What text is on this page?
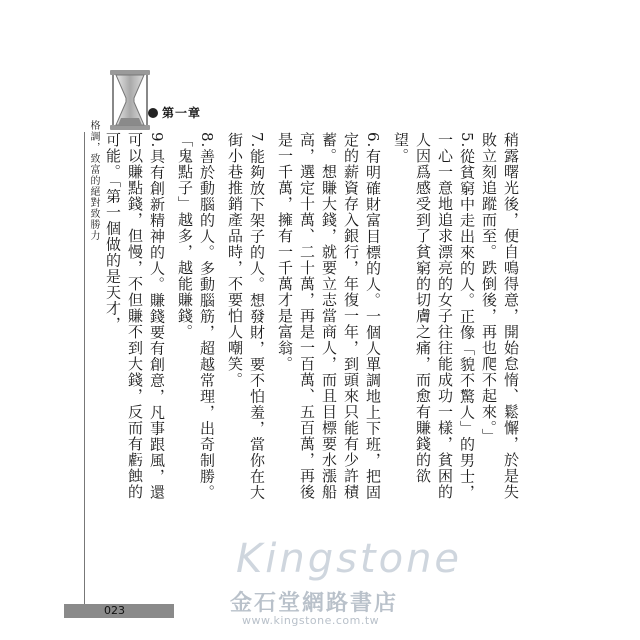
第一章
格調，致富的絕對致勝力	稍露曙光後，便自鳴得意，開始怠惰、鬆懈，於是失敗立刻追蹤而至。跌倒後，再也爬不起來。」

5.從貧窮中走出來的人。正像「貌不驚人」的男士，一心一意地追求漂亮的女子往往能成功一樣，貧困的人因爲感受到了貧窮的切膚之痛，而愈有賺錢的欲望。

6.有明確財富目標的人。一個人單調地上下班，把固定的薪資存入銀行，年復一年，到頭來只能有少許積蓄。想賺大錢，就要立志當商人，而且目標要水漲船高，選定十萬、二十萬，再是一百萬、五百萬，再後是一千萬，擁有一千萬才是富翁。

7.能夠放下架子的人。想發財，要不怕羞，當你在大街小巷推銷產品時，不要怕人嘲笑。

8.善於動腦的人。多動腦筋，超越常理，出奇制勝。「鬼點子」越多，越能賺錢。

9.具有創新精神的人。賺錢要有創意，凡事跟風，還可以賺點錢，但慢，不但賺不到大錢，反而有虧蝕的可能。「第一個做的是天才，

023
Kingstone
金石堂網路書店
www.kingstone.com.tw
